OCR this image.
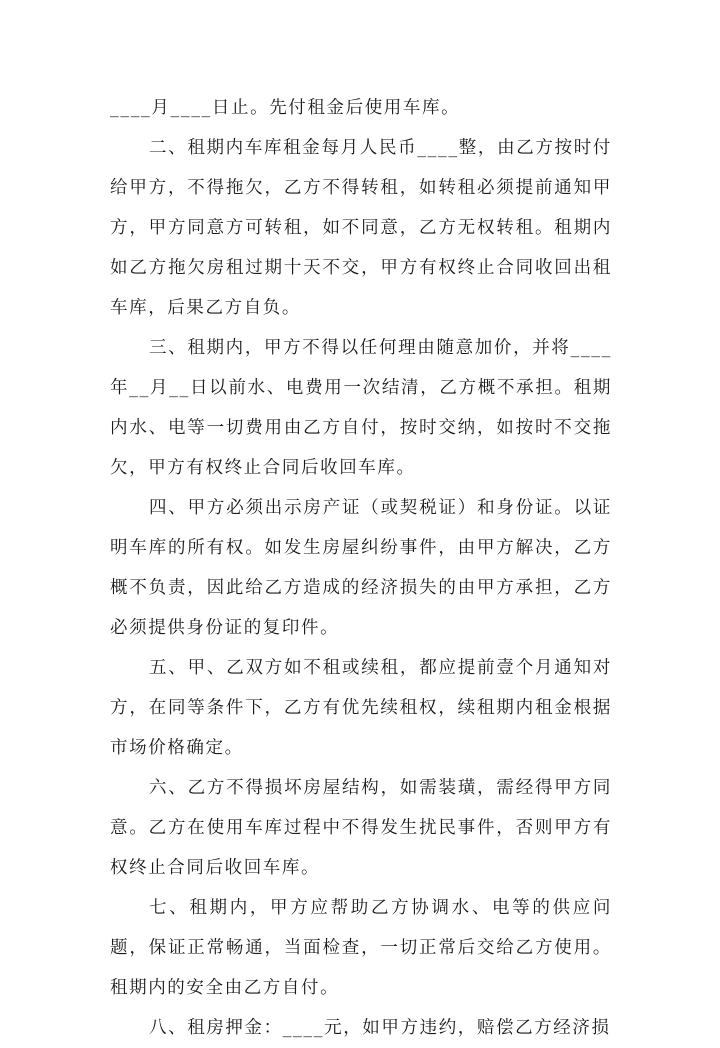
____月____日止。先付租金后使用车库。

二、租期内车库租金每月人民币____整，由乙方按时付给甲方，不得拖欠，乙方不得转租，如转租必须提前通知甲方，甲方同意方可转租，如不同意，乙方无权转租。租期内如乙方拖欠房租过期十天不交，甲方有权终止合同收回出租车库，后果乙方自负。

三、租期内，甲方不得以任何理由随意加价，并将____年__月__日以前水、电费用一次结清，乙方概不承担。租期内水、电等一切费用由乙方自付，按时交纳，如按时不交拖欠，甲方有权终止合同后收回车库。

四、甲方必须出示房产证（或契税证）和身份证。以证明车库的所有权。如发生房屋纠纷事件，由甲方解决，乙方概不负责，因此给乙方造成的经济损失的由甲方承担，乙方必须提供身份证的复印件。

五、甲、乙双方如不租或续租，都应提前壹个月通知对方，在同等条件下，乙方有优先续租权，续租期内租金根据市场价格确定。

六、乙方不得损坏房屋结构，如需装璜，需经得甲方同意。乙方在使用车库过程中不得发生扰民事件，否则甲方有权终止合同后收回车库。

七、租期内，甲方应帮助乙方协调水、电等的供应问题，保证正常畅通，当面检查，一切正常后交给乙方使用。租期内的安全由乙方自付。

八、租房押金：____元，如甲方违约，赔偿乙方经济损
